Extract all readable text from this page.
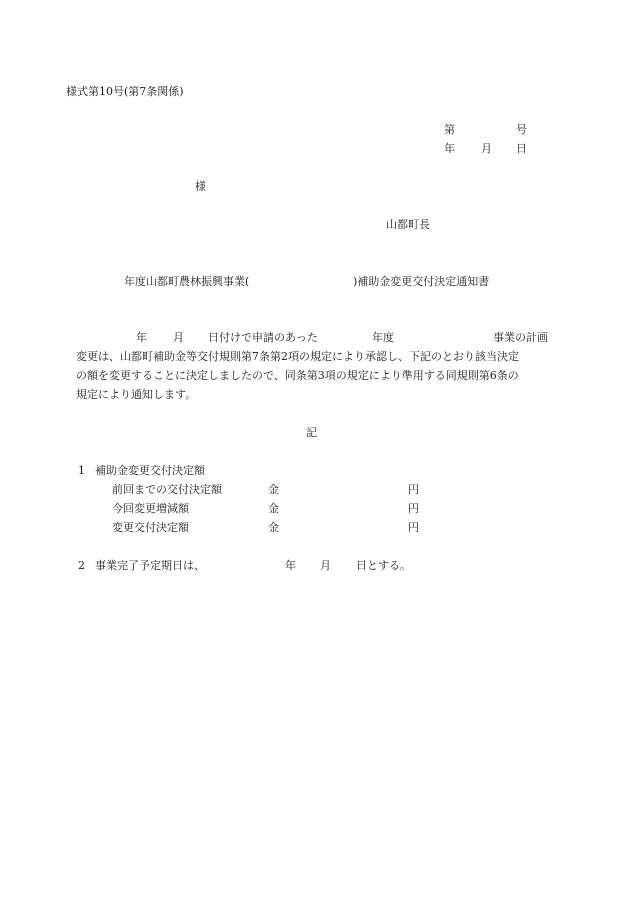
様式第10号(第7条関係)
第	号
年 月 日
様
山都町長
年度山都町農林振興事業(	)補助金変更交付決定通知書
年 月 日付けで申請のあった	年度	事業の計画
変更は、山都町補助金等交付規則第7条第2項の規定により承認し、下記のとおり該当決定
の額を変更することに決定しましたので、同条第3項の規定により準用する同規則第6条の
規定により通知します。
記
1 補助金変更交付決定額
前回までの交付決定額	金	円
今回変更増減額	金	円
変更交付決定額	金	円
2 事業完了予定期日は、	年 月 日とする。
